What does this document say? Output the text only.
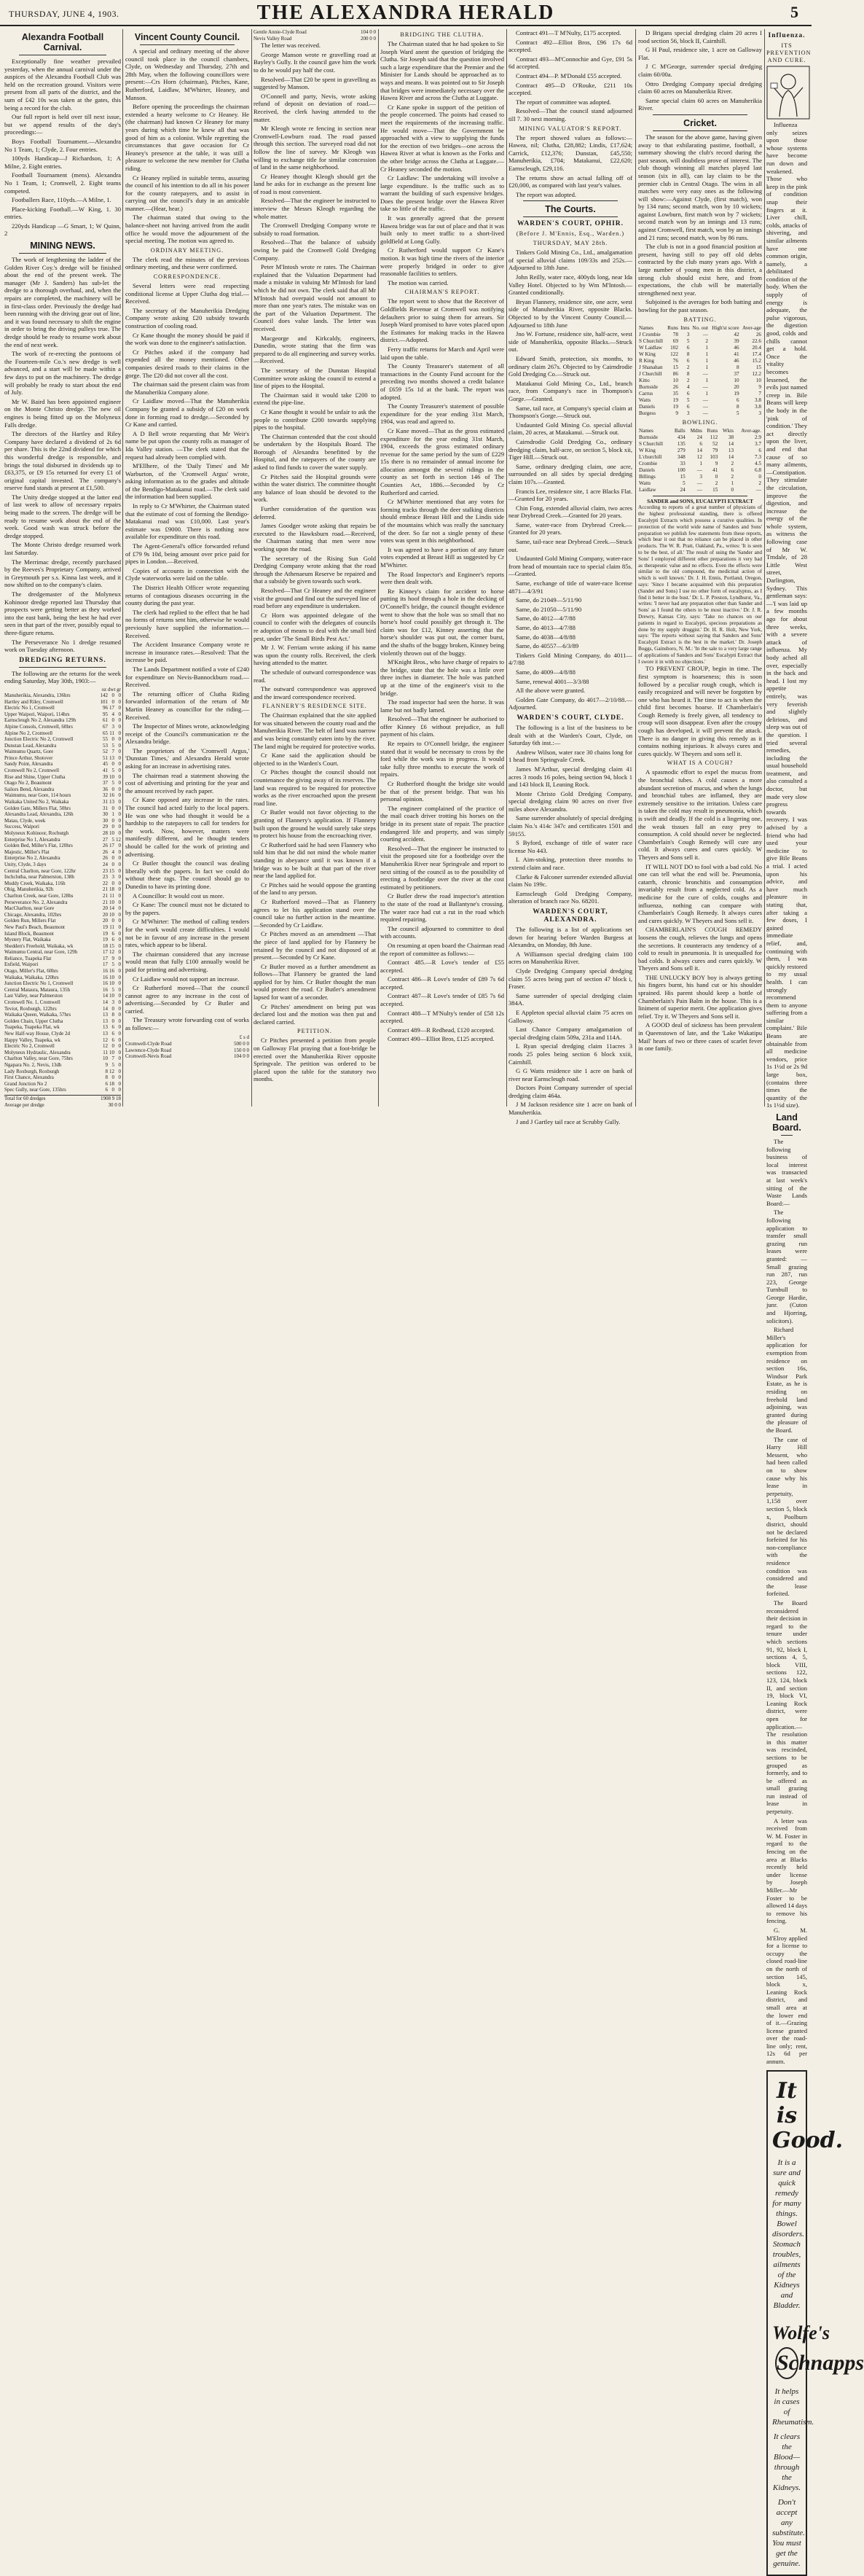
THURSDAY, JUNE 4, 1903.	THE ALEXANDRA HERALD	5
Alexandra Football Carnival.

Exceptionally fine weather prevailed yesterday, when the annual carnival under the auspices of the Alexandra Football Club was held on the recreation ground. Visitors were present from all parts of the district, and the sum of £42 10s was taken at the gates, this being a record for the club.

Our full report is held over till next issue, but we append results of the day's proceedings:—

Boys Football Tournament.—Alexandra No 1 Team, 1; Clyde, 2. Four entries.

100yds Handicap—J Richardson, 1; A Milne, 2. Eight entries.

Football Tournament (mens). Alexandra No 1 Team, 1; Cromwell, 2. Eight teams competed.

Footballers Race, 110yds.—A Milne, 1.

Place-kicking Football.—W King, 1. 30 entries.

220yds Handicap —G Smart, 1; W Quinn, 2

MINING NEWS.

The work of lengthening the ladder of the Golden River Coy.'s dredge will be finished about the end of the present week. The manager (Mr J. Sanders) has sub-let the dredge to a thorough overhaul, and, when the repairs are completed, the machinery will be in first-class order. Previously the dredge had been running with the driving gear out of line, and it was found necessary to shift the engine in order to bring the driving pulleys true. The dredge should be ready to resume work about the end of next week.

The work of re-erecting the pontoons of the Fourteen-mile Co.'s new dredge is well advanced, and a start will be made within a few days to put on the machinery. The dredge will probably be ready to start about the end of July.

Mr W. Baird has been appointed engineer on the Monte Christo dredge. The new oil engines is being fitted up on the Molyneux Falls dredge.

The directors of the Hartley and Riley Company have declared a dividend of 2s 6d per share. This is the 22nd dividend for which this wonderful dredge is responsible, and brings the total disbursed in dividends up to £63,375, or £9 15s returned for every £1 of original capital invested. The company's reserve fund stands at present at £1,500.

The Unity dredge stopped at the latter end of last week to allow of necessary repairs being made to the screen. The dredge will be ready to resume work about the end of the week. Good wash was struck before the dredge stopped.

The Monte Christo dredge resumed work last Saturday.

The Merrimac dredge, recently purchased by the Reeves's Proprietary Company, arrived in Greymouth per s.s. Kinna last week, and it now shifted on to the company's claim.

The dredgemaster of the Molyneux Kohinoor dredge reported last Thursday that prospects were getting better as they worked into the east bank, being the best he had ever seen in that part of the river, possibly equal to three-figure returns.

The Perseverance No 1 dredge resumed work on Tuesday afternoon.

DREDGING RETURNS.

The following are the returns for the week ending Saturday, May 30th, 1903:—

oz dwt gr
Manuherikia, Alexandra, 136hrs	142	0	0
Hartley and Riley, Cromwell	101	0	0
Electric No 1, Cromwell	96	17	0
Upper Waipori, Waipori, 114hrs	95	4	0
Earnscleugh No 2, Alexandra 129h	61	0	0
Alpine Consols, Cromwell, 60hrs	67	3	0
Alpine No 2, Cromwell	65	11	0
Junction Electric No 2, Cromwell	55	0	0
Dunstan Lead, Alexandra	53	5	0
Waimumu Quartz, Gore	52	7	0
Prince Arthur, Shotover	51	13	0
Sandy Point, Alexandra	45	0	0
Cromwell No 2, Cromwell	41	5	0
Rise and Shine, Upper Clutha	39	10	0
Otago No 2, Beaumont	37	5	0
Sailors Bend, Alexandra	36	0	0
Waimumu, near Gore, 114 hours	32	16	0
Waikaka United No 2, Waikaka	31	13	0
Golden Gate, Millers Flat, 50hrs	31	0	0
Alexandra Lead, Alexandra, 126h	30	1	0
Matau, Clyde, week	30	0	0
Success, Waipori	29	0	0
Molyneux Kohinoor, Rocburgh	28	10	0
Enterprise No 1, Alexandra	27	5	12
Golden Bed, Miller's Flat, 120hrs	26	17	0
Majestic, Miller's Flat	26	4	0
Enterprise No 2, Alexandra	26	0	0
Unity, Clyde, 3 days	24	0	0
Central Charlton, near Gore, 122hr	23	15	0
Inchclutha, near Palmerston, 138h	23	3	0
Muddy Creek, Waikaka, 116h	22	0	0
Ohig, Manuherikia, 92h	21	18	0
Charlton Creek, near Gore, 128hs	21	11	0
Perseverance No. 2, Alexandra	21	10	0
MacCharlton, near Gore	20	14	0
Chicago, Alexandra, 102hrs	20	10	0
Golden Run, Millers Flat	20	0	0
New Paul's Beach, Beaumont	19	11	0
Island Block, Beaumont	19	6	0
Mystery Flat, Waikaka	19	6	0
Shedden's Freehold, Waikaka, wk	18	15	0
Waimumu Central, near Gore, 129h	17	12	0
Reliance, Tuapeka Flat	17	9	0
Enfield, Waipori	17	5	0
Otago, Miller's Flat, 60hrs	16	16	0
Waikaka, Waikaka, 120hrs	16	10	0
Junction Electric No 1, Cromwell	16	10	0
Central Mataura, Mataura, 135h	16	5	0
Last Valley, near Palmerston	14	10	0
Cromwell No. 1, Cromwell	14	3	0
Teviot, Roxburgh, 122hrs	14	0	0
Waikaka Queen, Waikaka, 57hrs	13	8	0
Golden Chain, Upper Clutha	13	0	0
Tuapeka, Tuapeka Flat, wk	13	6	0
New Half-way House, Clyde 2d	13	6	0
Happy Valley, Tuapeka, wk	12	6	0
Electric No 2, Cromwell	12	0	0
Molyneux Hydraulic, Alexandra	11	10	0
Charlton Valley, near Gore, 75hrs	10	7	0
Ngapara No. 2, Nevis, 13dh	9	5	0
Lady Roxburgh, Roxburgh	8	12	0
First Chance, Alexandra	8	0	0
Grand Junction No 2	6	18	0
Spec Gully, near Gore, 135hrs	6	0	0
Total for 60 dredges	1908 9 18
Average per dredge	30 0 0
Vincent County Council.

A special and ordinary meeting of the above council took place in the council chambers, Clyde, on Wednesday and Thursday, 27th and 28th May, when the following councillors were present:—Crs Horn (chairman), Pitches, Kane, Rutherford, Laidlaw, M'Whirter, Heaney, and Manson.

Before opening the proceedings the chairman extended a hearty welcome to Cr Heaney. He (the chairman) had known Cr Heaney for many years during which time he knew all that was good of him as a colonist. While regretting the circumstances that gave occasion for Cr Heaney's presence at the table, it was still a pleasure to welcome the new member for Clutha riding.

Cr Heaney replied in suitable terms, assuring the council of his intention to do all in his power for the county ratepayers, and to assist in carrying out the council's duty in an amicable manner.—(Hear, hear.)

The chairman stated that owing to the balance-sheet not having arrived from the audit office he would move the adjournment of the special meeting. The motion was agreed to.

ORDINARY MEETING.

The clerk read the minutes of the previous ordinary meeting, and these were confirmed.

CORRESPONDENCE.

Several letters were read respecting conditional license at Upper Clutha dog trial.—Received.

The secretary of the Manuherikia Dredging Company wrote asking £20 subsidy towards construction of cooling road.

Cr Kane thought the money should be paid if the work was done to the engineer's satisfaction.

Cr Pitches asked if the company had expended all the money mentioned. Other companies desired roads to their claims in the gorge. The £20 did not cover all the cost.

The chairman said the present claim was from the Manuherikia Company alone.

Cr Laidlaw moved—That the Manuherikia Company be granted a subsidy of £20 on work done in forming road to dredge.—Seconded by Cr Kane and carried.

A D Bell wrote requesting that Mr Weir's name be put upon the county rolls as manager of Ida Valley station. —The clerk stated that the request had already been complied with.

M'Ellhere, of the 'Daily Times' and Mr Warburton, of the 'Cromwell Argus' wrote, asking information as to the grades and altitude of the Bendigo-Matakanui road.—The clerk said the information had been supplied.

In reply to Cr M'Whirter, the Chairman stated that the estimate of cost of forming the Bendigo-Matakanui road was £10,000. Last year's estimate was £9000. There is nothing now available for expenditure on this road.

The Agent-General's office forwarded refund of £79 9s 10d, being amount over price paid for pipes in London.—Received.

Copies of accounts in connection with the Clyde waterworks were laid on the table.

The District Health Officer wrote requesting returns of contagious diseases occurring in the county during the past year.

The clerk had replied to the effect that he had no forms of returns sent him, otherwise he would previously have supplied the information.—Received.

The Accident Insurance Company wrote re increase in insurance rates.—Resolved: That the increase be paid.

The Lands Department notified a vote of £240 for expenditure on Nevis-Bannockburn road.—Received.

The returning officer of Clutha Riding forwarded information of the return of Mr Martin Heaney as councillor for the riding.—Received.

The Inspector of Mines wrote, acknowledging receipt of the Council's communication re the Alexandra bridge.

The proprietors of the 'Cromwell Argus,' 'Dunstan Times,' and Alexandra Herald wrote asking for an increase in advertising rates.

The chairman read a statement showing the cost of advertising and printing for the year and the amount received by each paper.

Cr Kane opposed any increase in the rates. The council had acted fairly to the local papers. He was one who had thought it would be a hardship to the ratepayers to call for tenders for the work. Now, however, matters were manifestly different, and he thought tenders should be called for the work of printing and advertising.

Cr Butler thought the council was dealing liberally with the papers. In fact we could do without these rags. The council should go to Dunedin to have its printing done.

A Councillor: It would cost us more.

Cr Kane: The council must not be dictated to by the papers.

Cr M'Whirter: The method of calling tenders for the work would create difficulties. I would not be in favour of any increase in the present rates, which appear to be liberal.

The chairman considered that any increase would mean that fully £100 annually would be paid for printing and advertising.

Cr Laidlaw would not support an increase.

Cr Rutherford moved—That the council cannot agree to any increase in the cost of advertising.—Seconded by Cr Butler and carried.

The Treasury wrote forwarding cost of works as follows:—

£ s d
Cromwell-Clyde Road	500 0 0
Lawrence-Clyde Road	150 0 0
Cromwell-Nevis Road	104 0 0
Gentle Annie-Clyde Road	104 0 0
Nevis Valley Road	200 0 0

The letter was received.

George Manson wrote re gravelling road at Bayley's Gully. It the council gave him the work to do he would pay half the cost.

Resolved—That £20 be spent in gravelling as suggested by Manson.

O'Connell and party, Nevis, wrote asking refund of deposit on deviation of road.—Received, the clerk having attended to the matter.

Mr Kleogh wrote re fencing in section near Cromwell-Lowburn road. The road passed through this section. The surveyed road did not follow the line of survey. Mr Kleogh was willing to exchange title for similar concession of land in the same neighborhood.

Cr Heaney thought Kleogh should get the land he asks for in exchange as the present line of road is most convenient.

Resolved—That the engineer be instructed to interview the Messrs Kleogh regarding the whole matter.

The Cromwell Dredging Company wrote re subsidy to road formation.

Resolved—That the balance of subsidy owing be paid the Cromwell Gold Dredging Company.

Peter M'Intosh wrote re rates. The Chairman explained that the Valuation Department had made a mistake in valuing Mr M'Intosh for land which he did not own. The clerk said that all Mr M'Intosh had overpaid would not amount to more than one year's rates. The mistake was on the part of the Valuation Department. The Council does value lands. The letter was received.

Macgeorge and Kirkcaldy, engineers, Dunedin, wrote stating that the firm was prepared to do all engineering and survey works.—Received.

The secretary of the Dunstan Hospital Committee wrote asking the council to extend a line of pipes to the Hospital.

The Chairman said it would take £200 to extend the pipe-line.

Cr Kane thought it would be unfair to ask the people to contribute £200 towards supplying pipes to the hospital.

The Chairman contended that the cost should be undertaken by the Hospitals Board. The Borough of Alexandra benefitted by the Hospital, and the ratepayers of the county are asked to find funds to cover the water supply.

Cr Pitches said the Hospital grounds were within the water district. The committee thought any balance of loan should be devoted to the work.

Further consideration of the question was deferred.

James Goodger wrote asking that repairs be executed to the Hawksburn road.—Received, the Chairman stating that men were now working upon the road.

The secretary of the Rising Sun Gold Dredging Company wrote asking that the road through the Athenaeum Reserve be repaired and that a subsidy be given towards such work.

Resolved—That Cr Heaney and the engineer visit the ground and find out the surveyed line of road before any expenditure is undertaken.

Cr Horn was appointed delegate of the council to confer with the delegates of councils re adoption of means to deal with the small bird pest, under 'The Small Birds Pest Act.'

Mr J. W. Ferriam wrote asking if his name was upon the county rolls. Received, the clerk having attended to the matter.

The schedule of outward correspondence was read.

The outward correspondence was approved and the inward correspondence received.

FLANNERY'S RESIDENCE SITE.

The Chairman explained that the site applied for was situated between the county road and the Manuherikia River. The belt of land was narrow and was being constantly eaten into by the river. The land might be required for protective works.

Cr Kane said the application should be objected to in the Warden's Court.

Cr Pitches thought the council should not countenance the giving away of its reserves. The land was required to be required for protective works as the river encroached upon the present road line.

Cr Butler would not favor objecting to the granting of Flannery's application. If Flannery built upon the ground he would surely take steps to protect his house from the encroaching river.

Cr Rutherford said he had seen Flannery who told him that he did not mind the whole matter standing in abeyance until it was known if a bridge was to be built at that part of the river near the land applied for.

Cr Pitches said he would oppose the granting of the land to any person.

Cr Rutherford moved—That as Flannery agrees to let his application stand over the council take no further action in the meantime.—Seconded by Cr Laidlaw.

Cr Pitches moved as an amendment —That the piece of land applied for by Flannery be retained by the council and not disposed of at present.—Seconded by Cr Kane.

Cr Butler moved as a further amendment as follows—That Flannery be granted the land applied for by him. Cr Butler thought the man would protect the road. Cr Butler's amendment lapsed for want of a seconder.

Cr Pitches' amendment on being put was declared lost and the motion was then put and declared carried.

PETITION.

Cr Pitches presented a petition from people on Galloway Flat praying that a foot-bridge be erected over the Manuherikia River opposite Springvale. The petition was ordered to be placed upon the table for the statutory two months.

BRIDGING THE CLUTHA.

The Chairman stated that he had spoken to Sir Joseph Ward anent the question of bridging the Clutha. Sir Joseph said that the question involved such a large expenditure that the Premier and the Minister for Lands should be approached as to ways and means. It was pointed out to Sir Joseph that bridges were immediately necessary over the Hawea River and across the Clutha at Luggate.

Cr Kane spoke in support of the petition of the people concerned. The points had ceased to meet the requirements of the increasing traffic. He would move—That the Government be approached with a view to supplying the funds for the erection of two bridges—one across the Hawea River at what is known as the Forks and the other bridge across the Clutha at Luggate.—Cr Heaney seconded the motion.

Cr Laidlaw: The undertaking will involve a large expenditure. Is the traffic such as to warrant the building of such expensive bridges. Does the present bridge over the Hawea River take so little of the traffic.

It was generally agreed that the present Hawea bridge was far out of place and that it was built only to meet traffic to a short-lived goldfield at Long Gully.

Cr Rutherford would support Cr Kane's motion. It was high time the rivers of the interior were properly bridged in order to give reasonable facilities to settlers.

The motion was carried.

CHAIRMAN'S REPORT.

The report went to show that the Receiver of Goldfields Revenue at Cromwell was notifying defaulters prior to suing them for arrears. Sir Joseph Ward promised to have votes placed upon the Estimates for making tracks in the Hawea district.—Adopted.

Ferry traffic returns for March and April were laid upon the table.

The County Treasurer's statement of all transactions in the County Fund account for the preceding two months showed a credit balance of £659 15s 1d at the bank. The report was adopted.

The County Treasurer's statement of possible expenditure for the year ending 31st March, 1904, was read and agreed to.

Cr Kane moved—That as the gross estimated expenditure for the year ending 31st March, 1904, exceeds the gross estimated ordinary revenue for the same period by the sum of £229 15s there is no remainder of annual income for allocation amongst the several ridings in the county as set forth in section 146 of The Counties Act, 1886.—Seconded by Cr Rutherford and carried.

Cr M'Whirter mentioned that any votes for forming tracks through the deer stalking districts should embrace Breast Hill and the Lindis side of the mountains which was really the sanctuary of the deer. So far not a single penny of these votes was spent in this neighborhood.

It was agreed to have a portion of any future votes expended at Breast Hill as suggested by Cr M'Whirter.

The Road Inspector's and Engineer's reports were then dealt with.

Re Kinney's claim for accident to horse putting its hoof through a hole in the decking of O'Connell's bridge, the council thought evidence went to show that the hole was so small that no horse's hoof could possibly get through it. The claim was for £12, Kinney asserting that the horse's shoulder was put out, the corner burst, and the shafts of the buggy broken, Kinney being violently thrown out of the buggy.

M'Knight Bros., who have charge of repairs to the bridge, state that the hole was a little over three inches in diameter. The hole was patched up at the time of the engineer's visit to the bridge.

The road inspector had seen the horse. It was lame but not badly lamed.

Resolved—That the engineer be authorised to offer Kinney £6 without prejudice, as full payment of his claim.

Re repairs to O'Connell bridge, the engineer stated that it would be necessary to cross by the ford while the work was in progress. It would take fully three months to execute the work of repairs.

Cr Rutherford thought the bridge site would be that of the present bridge. That was his personal opinion.

The engineer complained of the practice of the mail coach driver trotting his horses on the bridge in its present state of repair. The practice endangered life and property, and was simply courting accident.

Resolved—That the engineer be instructed to visit the proposed site for a footbridge over the Manuherikia River near Springvale and report to next sitting of the council as to the possibility of erecting a footbridge over the river at the cost estimated by petitioners.

Cr Butler drew the road inspector's attention to the state of the road at Ballantyne's crossing. The water race had cut a rut in the road which required repairing.

The council adjourned to committee to deal with accounts.

On resuming at open board the Chairman read the report of committee as follows:—

Contract 485.—R Love's tender of £55 accepted.

Contract 486—R Love's tender of £89 7s 6d accepted.

Contract 487—R Love's tender of £85 7s 6d accepted.

Contract 488—T M'Nulty's tender of £58 12s accepted.

Contract 489—R Redhead, £120 accepted.

Contract 490—Elliot Bros, £125 accepted.

Contract 491—T M'Nulty, £175 accepted.

Contract 492—Elliot Bros, £96 17s 6d accepted.

Contract 493—M'Connochie and Gye, £91 5s 6d accepted.

Contract 494—P. M'Donald £55 accepted.

Contract 495—D O'Rouke, £211 10s accepted.

The report of committee was adopted.

Resolved—That the council stand adjourned till 7. 30 next morning.

MINING VALUATOR'S REPORT.

The report showed values as follows:— Hawea, nil; Clutha, £28,882; Lindis, £17,624; Carrick, £12,376; Dunstan, £45,550; Manuherikia, £704; Matakanui, £22,620; Earnscleugh, £29,116.

The returns show an actual falling off of £20,000, as compared with last year's values.

The report was adopted.

The Courts.
WARDEN'S COURT, OPHIR.
(Before J. M'Ennis, Esq., Warden.)
THURSDAY, MAY 28th.

Tinkers Gold Mining Co., Ltd., amalgamation of special alluvial claims 109/33s and 252s.—Adjourned to 18th June.

John Reilly, water race, 400yds long, near Ida Valley Hotel. Objected to by Wm M'Intosh.—Granted conditionally.

Bryan Flannery, residence site, one acre, west side of Manuherikia River, opposite Blacks. Objected to by the Vincent County Council.—Adjourned to 18th June

Jno W. Fortune, residence site, half-acre, west side of Manuherikia, opposite Blacks.—Struck out.

Edward Smith, protection, six months, to ordinary claim 267s. Objected to by Cairndrodie Gold Dredging Co.—Struck out.

Matakanui Gold Mining Co., Ltd., branch race, from Company's race in Thompson's Gorge.—Granted.

Same, tail race, at Company's special claim at Thompson's Gorge.—Struck out.

Undaunted Gold Mining Co. special alluvial claim, 20 acres, at Matakanui. —Struck out.

Cairndrodie Gold Dredging Co., ordinary dredging claim, half-acre, on section 5, block xii, Tiger Hill.—Struck out.

Same, ordinary dredging claim, one acre, surrounded on all sides by special dredging claim 107s.—Granted.

Francis Lee, residence site, 1 acre Blacks Flat.—Granted for 20 years.

Chin Fong, extended alluvial claim, two acres near Drybread Creek.—Granted for 20 years.

Same, water-race from Drybread Creek.—Granted for 20 years.

Same, tail-race near Drybread Creek.—Struck out.

Undaunted Gold Mining Company, water-race from head of mountain race to special claim 85s.—Granted.

Same, exchange of title of water-race license 4871—4/3/91

Same, do 21049—5/11/90

Same, do 21050—5/11/90

Same, do 4012—4/7/88

Same, do 4013—4/7/88

Same, do 4038—4/8/88

Same, do 40557—6/3/89

Tinkers Gold Mining Company, do 4011—4/7/88

Same, do 4009—4/8/88

Same, renewal 4001—3/3/88

All the above were granted.

Golden Gate Company, do 4017—2/10/88.—Adjourned.

WARDEN'S COURT, CLYDE.

The following is a list of the business to be dealt with at the Warden's Court, Clyde, on Saturday 6th inst.:—

Andrew Wilson, water race 30 chains long for 1 head from Springvale Creek.

James M'Arthur, special dredging claim 41 acres 3 roods 16 poles, being section 94, block 1 and 143 block II, Leaning Rock.

Monte Christo Gold Dredging Company, special dredging claim 90 acres on river five miles above Alexandra.

Same surrender absolutely of special dredging claim No.'s 414c 347c and certificates 1501 and 59155.

S Byford, exchange of title of water race license No 443.

L Aim-stoking, protection three months to extend claim and race.

Clarke & Falconer surrender extended alluvial claim No 199c.

Earnscleugh Gold Dredging Company, alteration of branch race No. 68201.

WARDEN'S COURT, ALEXANDRA.

The following is a list of applications set down for hearing before Warden Burgess at Alexandra, on Monday, 8th June.

A Williamson special dredging claim 100 acres on Manuherikia River.

Clyde Dredging Company special dredging claim 55 acres being part of section 47 block i, Fraser.

Same surrender of special dredging claim 384A.

E Appleton special alluvial claim 75 acres on Galloway.

Last Chance Company amalgamation of special dredging claim 509a, 231a and 114A.

L Ryan special dredging claim 11acres 3 roods 25 poles being section 6 block xxiii, Cairnhill.

G G Watts residence site 1 acre on bank of river near Earnscleugh road.

Doctors Point Company surrender of special dredging claim 464a.

J M Jackson residence site 1 acre on bank of Manuherikia.

J and J Gartley tail race at Scrubby Gully.

D Brigans special dredging claim 20 acres I rood section 56, block II, Cairnhill.

G H Paul, residence site, 1 acre on Galloway Flat.

J C M'George, surrender special dredging claim 60/00a.

Ottro Dredging Company special dredging claim 60 acres on Manuherikia River.

Same special claim 60 acres on Manuherikia River.

Cricket.

The season for the above game, having given away to that exhilarating pastime, football, a summary showing the club's record during the past season, will doubtless prove of interest. The club though winning all matches played last season (six in all), can lay claim to be the premier club in Central Otago. The wins in all matches were very easy ones as the following will show:—Against Clyde, (first match), won by 134 runs; second match, won by 10 wickets; against Lowburn, first match won by 7 wickets; second match won by an innings and 13 runs; against Cromwell, first match, won by an innings and 21 runs; second match, won by 86 runs.

The club is not in a good financial position at present, having still to pay off old debts contracted by the club many years ago. With a large number of young men in this district, a strong club should exist here, and from expectations, the club will be materially strengthened next year.

Subjoined is the averages for both batting and bowling for the past season.

BATTING.
Names	Runs	Inns	No. out	High'st score	Aver-age
J Crombie	78	3	—	42	26
S Churchill	69	5	2	39	22.6
W Laidlaw	102	6	1	46	20.4
W King	122	8	1	41	17.4
R King	76	6	1	46	15.2
J Shanahan	15	2	1	8	15
J Churchill	86	8	—	37	12.2
Kitto	10	2	1	10	10
Burnside	26	4	—	20	9
Carrus	35	6	1	19	7
Watts	19	5	—	6	3.8
Daniels	19	6	—	8	3.8
Burgess	9	3	—	5	3
BOWLING.
Names	Balls	Mdns	Runs	Wkts	Aver-age.
Burnside	434	24	112	38	2.9
S Churchill	135	6	52	14	3.7
W King	279	14	79	13	6
L'churchill	348	12	103	14	7.3
Crombie	33	1	9	2	4.5
Daniels	100	—	41	6	6.8
Billings	15	3	0	2	0
Watts	5	—	2	1	2
Laidlaw	24	—	15	0	—
SANDER and SONS, EUCALYPTI EXTRACT
According to reports of a great number of physicians of the highest professional standing, there is offered Eucalypti Extracts which possess a curative qualities. In protection of the world wide name of Sanders and Sons' preparation we publish few statements from these reports, which bear it out that no reliance can be placed in other products. The W. R. Pratt, Oakland, Pa., writes: 'It is seen to be the best, of all.' The result of using the 'Sander and Sons' I employed different other preparations it very bad as therapeutic value and no effects. Even the effects were similar to the old compound, the medicinal action of which is well known.' Dr. J. H. Ennis, Portland, Oregon, says: 'Since I became acquainted with this preparation (Sander and Sons) I use no other form of eucalyptus, as I find it better in the bust.' Dr. L. P. Preston, Lyndhurst, Va., writes: 'I never had any preparation other than Sander and Sons' as I found the others to be most inactive.' Dr. J. R. Drewry, Kansas City, says: 'Take no chances on our patients in regard to Eucalypti, specious preparations as done by my supply druggist.' Dr. H. R. Holt, New York, says: 'The reports without saying that Sanders and Sons' Eucalypti Extract is the best in the market.' Dr. Joseph Boggs, Gainsboro, N. M.: 'In the sale to a very large range of applications of Sanders and Sons' Eucalypti Extract that I swore it in with no objections.'

TO PREVENT CROUP, begin in time. The first symptom is hoarseness; this is soon followed by a peculiar rough cough, which is easily recognized and will never be forgotten by one who has heard it. The time to act is when the child first becomes hoarse. If Chamberlain's Cough Remedy is freely given, all tendency to croup will soon disappear. Even after the croupy cough has developed, it will prevent the attack. There is no danger in giving this remedy as it contains nothing injurious. It always cures and cures quickly. W Theyers and sons sell it.

WHAT IS A COUGH?

A spasmodic effort to expel the mucus from the bronchial tubes. A cold causes a more abundant secretion of mucus, and when the lungs and bronchial tubes are inflamed, they are extremely sensitive to the irritation. Unless care is taken the cold may result in pneumonia, which is swift and deadly. If the cold is a lingering one, the weak tissues fall an easy prey to consumption. A cold should never be neglected. Chamberlain's Cough Remedy will cure any cold. It always cures and cures quickly. W Theyers and Sons sell it.

IT WILL NOT DO to fool with a bad cold. No one can tell what the end will be. Pneumonia, catarrh, chronic bronchitis and consumption invariably result from a neglected cold. As a medicine for the cure of colds, coughs and influenza, nothing can compare with Chamberlain's Cough Remedy. It always cures and cures quickly. W Theyers and Sons sell it.

CHAMBERLAIN'S COUGH REMEDY loosens the cough, relieves the lungs and opens the secretions. It counteracts any tendency of a cold to result in pneumonia. It is unequalled for bad colds. It always cures and cures quickly. W Theyers and Sons sell it.

THE UNLUCKY BOY boy is always getting his fingers burnt, his hand cut or his shoulder sprained. His parent should keep a bottle of Chamberlain's Pain Balm in the house. This is a liniment of superior merit. One application gives relief. Try it. W Theyers and Sons sell it.

A GOOD deal of sickness has been prevalent in Queenstown of late, and the 'Lake Wakatipu Mail' hears of two or three cases of scarlet fever in one family.

Influenza.
ITS PREVENTION AND CURE.

Influenza only seizes upon those whose systems have become run down and weakened. Those who keep in the pink of condition snap their fingers at it. Liver chill, colds, attacks of shivering, and similar ailments have one common origin, namely, a debilitated condition of the body. When the supply of energy is adequate, the pulse vigorous, the digestion good, colds and chills cannot get a hold. Once the vitality becomes lessened, the evils just named creep in. Bile Beans will keep the body in the 'pink of condition.' They act directly upon the liver, and end that cause of so many ailments,—Constipation. They stimulate the circulation, improve the digestion, and increase the energy of the whole system, as witness the following case of Mr W. Trndale, of 28 Little West street, Darlington, Sydney. This gentleman says:—'I was laid up a few months ago for about three weeks, with a severe attack of influenza. My body ached all over, especially in the back and head. I lost my appetite entirely, was very feverish and slightly delirious, and sleep was out of the question. I tried several remedies, including the usual household treatment, and also consulted a doctor, but made very slow progress towards recovery. I was advised by a friend who had used your medicine to give Bile Beans a trial. I acted upon his advice, and have much pleasure in stating that, after taking a few doses, I gained immediate relief, and, continuing with them, I was quickly restored to my usual health. I can strongly recommend them to anyone suffering from a similar complaint.' Bile Beans are obtainable from all medicine vendors, price 1s 1½d or 2s 9d large box, (contains three times the quantity of the 1s 1½d size).

Land Board.

The following business of local interest was transacted at last week's sitting of the Waste Lands Board:—

The following application to transfer small grazing run leases were granted: —Small grazing run 287, run 223, George Turnbull to George Hardie, junr. (Cuton and Hjorring, solicitors).

Richard Miller's application for exemption from residence on section 16s, Windsor Park Estate, as he is residing on freehold land adjoining, was granted during the pleasure of the Board.

The case of Harry Hill Messent, who had been called on to show cause why his lease in perpetuity, 1,158 over section 5, block x, Poolburn district, should not be declared forfeited for his non-compliance with the residence condition was considered and the lease forfeited.

The Board reconsidered their decision in regard to the tenure under which sections 91, 92, block I, sections 4, 5, block VIII, sections 122, 123, 124, block II, and section 19, block VI, Leaning Rock district, were open for application.—The resolution in this matter was rescinded, sections to be grouped as formerly, and to be offered as small grazing run instead of lease in perpetuity.

A letter was received from W. M. Foster in regard to the fencing on the area at Blacks recently held under license by Joseph Miller.—Mr Foster to be allowed 14 days to remove his fencing.

G. M. M'Elroy applied for a license to occupy the closed road-line on the north of section 145, block x, Leaning Rock district, and small area at the lower end of it.—Grazing license granted over the road-line only; rent, 12s 6d per annum.

It is Good.
It is a sure and quick remedy for many things. Bowel disorders. Stomach troubles, ailments of the Kidneys and Bladder.
Wolfe's
Schnapps
It helps in cases of Rheumatism.
It clears the Blood—through the Kidneys.
Don't accept any substitute. You must get the genuine.
